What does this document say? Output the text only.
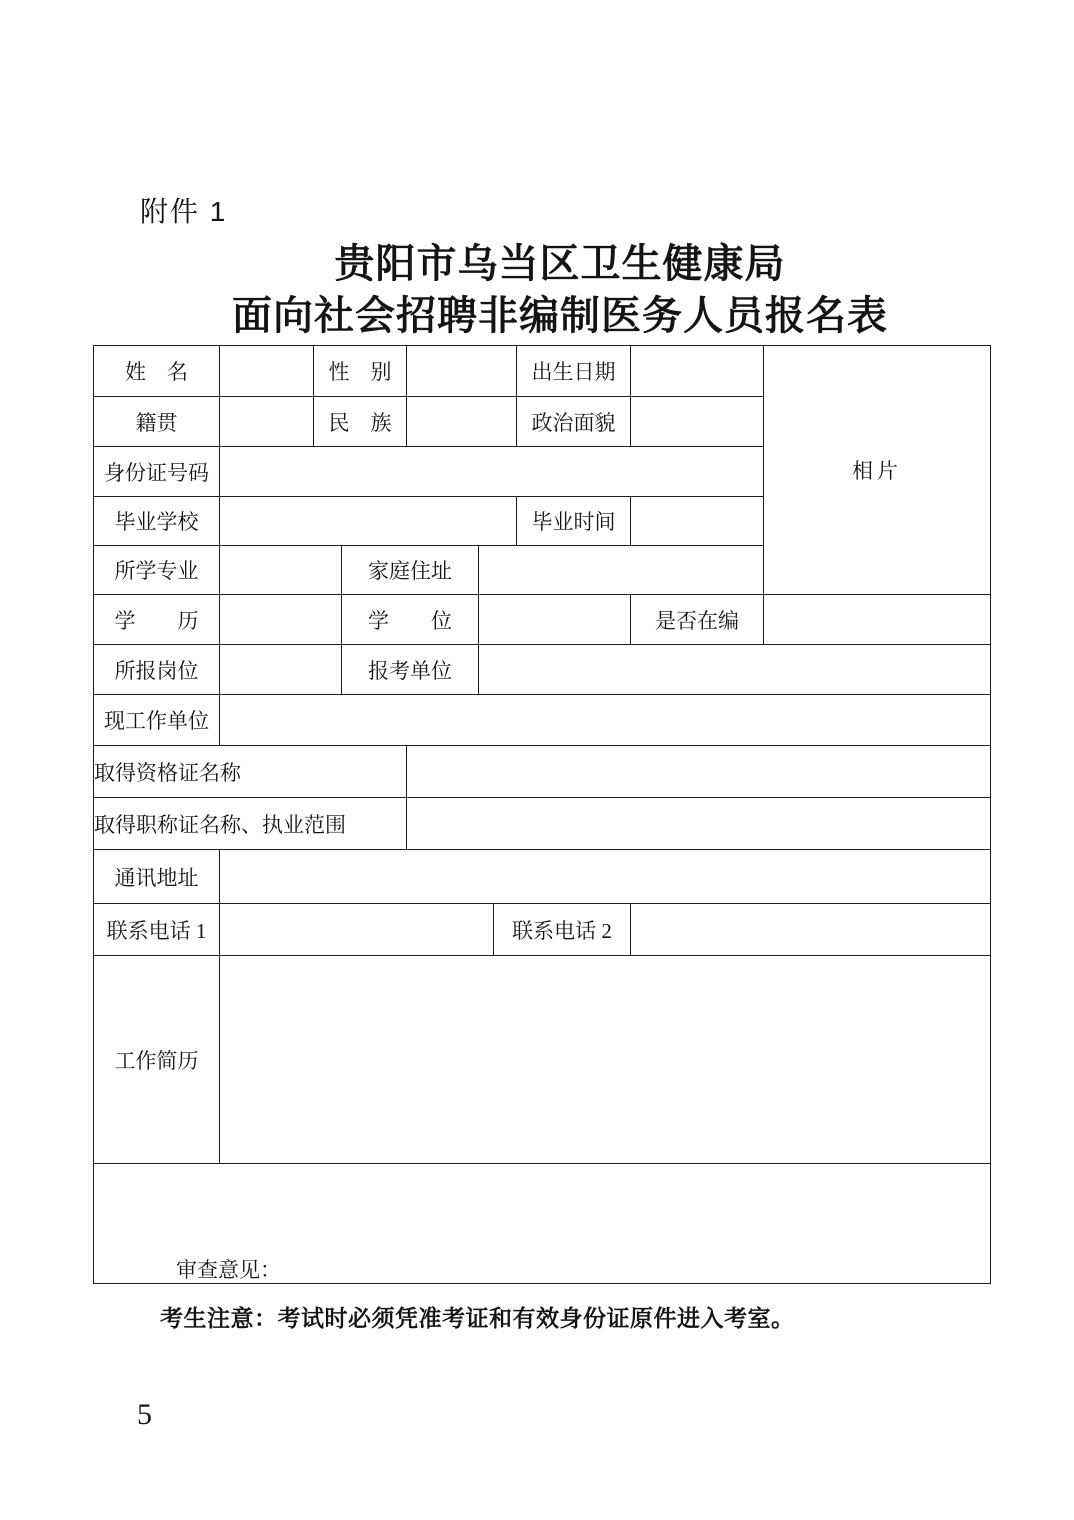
附件 1
贵阳市乌当区卫生健康局
面向社会招聘非编制医务人员报名表
姓　名		性　别					出生日期		相片
籍贯		民　族					政治面貌		
身份证号码									
毕业学校							毕业时间		
所学专业			家庭住址						
学　　历			学　　位					是否在编	
所报岗位			报考单位						
现工作单位									
取得资格证名称									
取得职称证名称、执业范围									
通讯地址									
联系电话 1						联系电话 2			
工作简历									

审查意见：									
考生注意：考试时必须凭准考证和有效身份证原件进入考室。
5
